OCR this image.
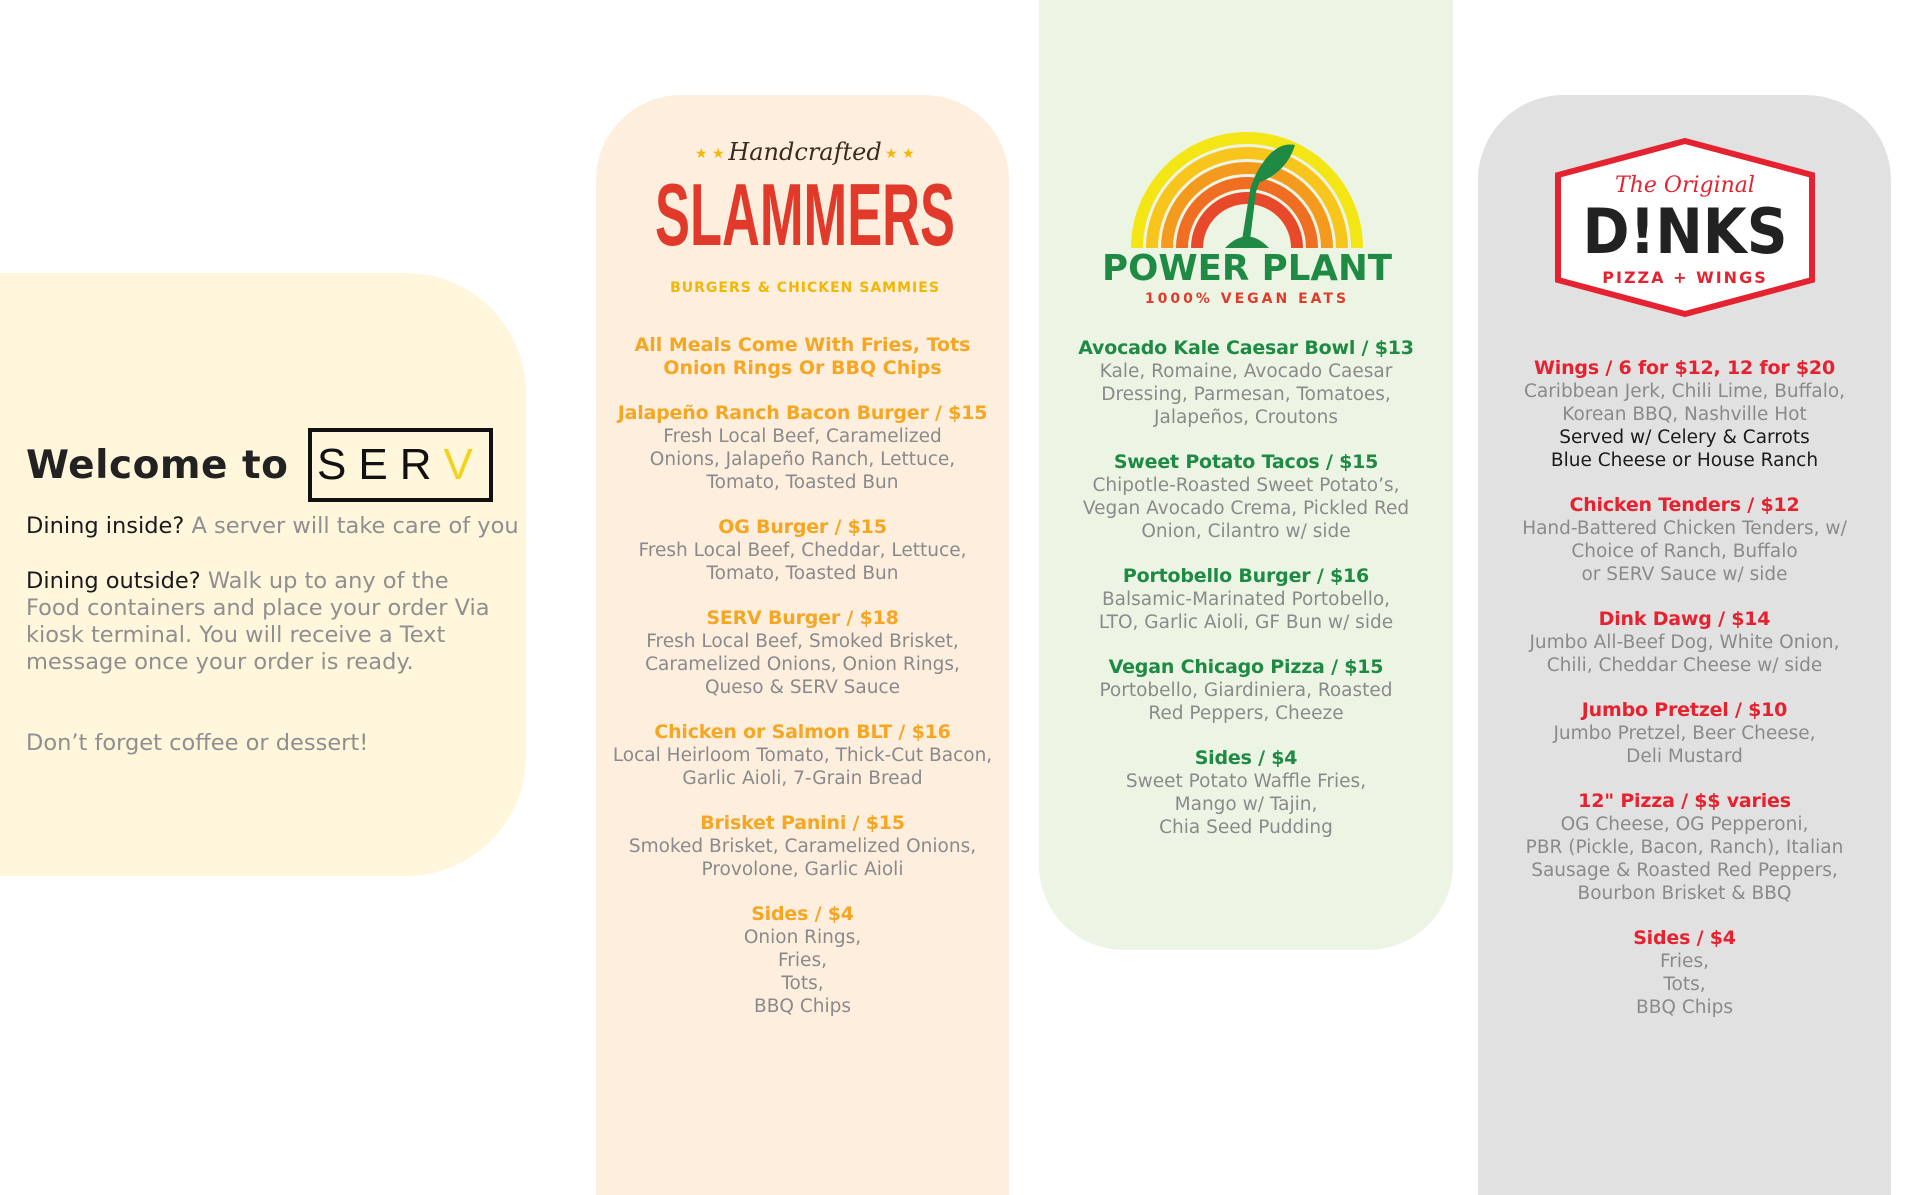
Welcome to SER V
Dining inside? A server will take care of you
Dining outside? Walk up to any of the Food containers and place your order Via kiosk terminal. You will receive a Text message once your order is ready.
Don’t forget coffee or dessert!
Handcrafted
★ ★	★ ★
SLAMMERS
BURGERS & CHICKEN SAMMIES	POWER PLANT
1000% VEGAN EATS
The Original
D!NKS
PIZZA + WINGS
All Meals Come With Fries, Tots
Onion Rings Or BBQ Chips
Jalapeño Ranch Bacon Burger / $15
Fresh Local Beef, Caramelized
Onions, Jalapeño Ranch, Lettuce,
Tomato, Toasted Bun
OG Burger / $15
Fresh Local Beef, Cheddar, Lettuce,
Tomato, Toasted Bun
SERV Burger / $18
Fresh Local Beef, Smoked Brisket,
Caramelized Onions, Onion Rings,
Queso & SERV Sauce
Chicken or Salmon BLT / $16
Local Heirloom Tomato, Thick-Cut Bacon,
Garlic Aioli, 7-Grain Bread
Brisket Panini / $15
Smoked Brisket, Caramelized Onions,
Provolone, Garlic Aioli
Sides / $4
Onion Rings,
Fries,
Tots,
BBQ Chips
Avocado Kale Caesar Bowl / $13
Kale, Romaine, Avocado Caesar
Dressing, Parmesan, Tomatoes,
Jalapeños, Croutons
Sweet Potato Tacos / $15
Chipotle-Roasted Sweet Potato’s,
Vegan Avocado Crema, Pickled Red
Onion, Cilantro w/ side
Portobello Burger / $16
Balsamic-Marinated Portobello,
LTO, Garlic Aioli, GF Bun w/ side
Vegan Chicago Pizza / $15
Portobello, Giardiniera, Roasted
Red Peppers, Cheeze
Sides / $4
Sweet Potato Waffle Fries,
Mango w/ Tajin,
Chia Seed Pudding
Wings / 6 for $12, 12 for $20
Caribbean Jerk, Chili Lime, Buffalo,
Korean BBQ, Nashville Hot
Served w/ Celery & Carrots
Blue Cheese or House Ranch
Chicken Tenders / $12
Hand-Battered Chicken Tenders, w/
Choice of Ranch, Buffalo
or SERV Sauce w/ side
Dink Dawg / $14
Jumbo All-Beef Dog, White Onion,
Chili, Cheddar Cheese w/ side
Jumbo Pretzel / $10
Jumbo Pretzel, Beer Cheese,
Deli Mustard
12" Pizza / $$ varies
OG Cheese, OG Pepperoni,
PBR (Pickle, Bacon, Ranch), Italian
Sausage & Roasted Red Peppers,
Bourbon Brisket & BBQ
Sides / $4
Fries,
Tots,
BBQ Chips
